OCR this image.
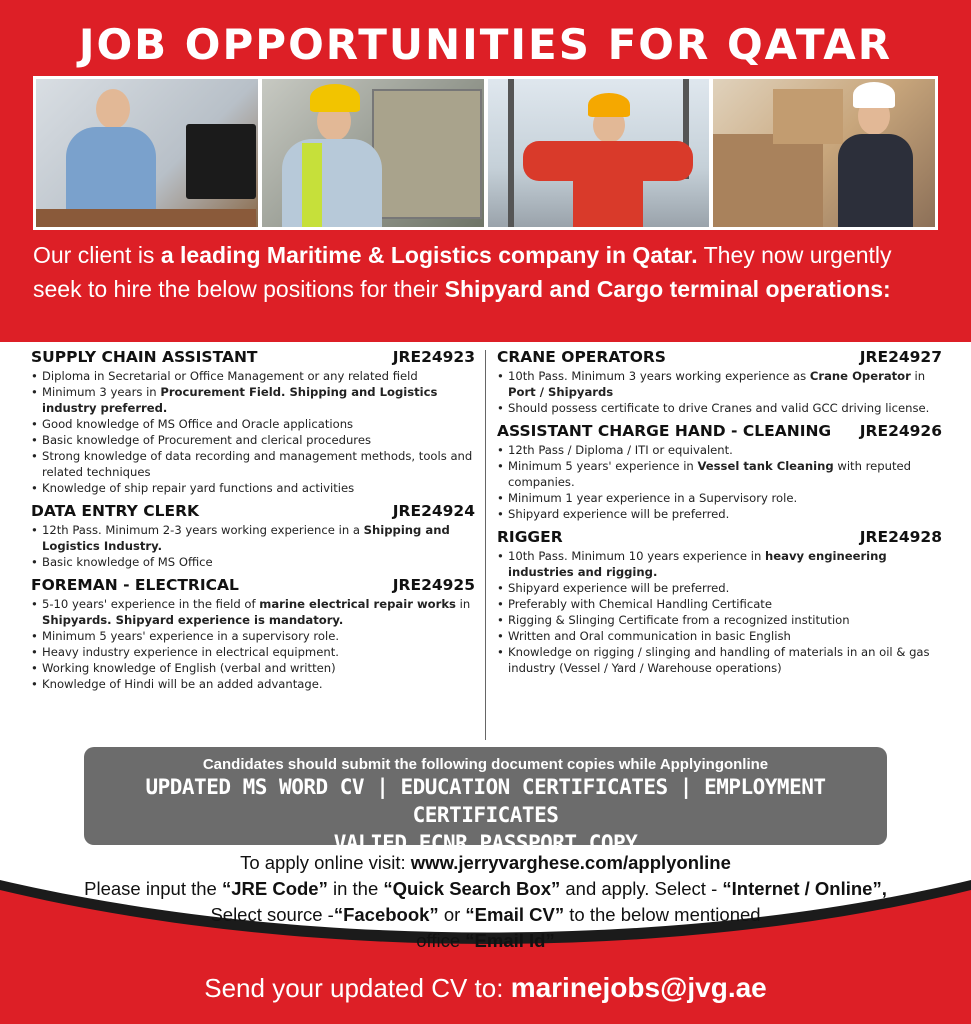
JOB OPPORTUNITIES FOR QATAR
Our client is a leading Maritime & Logistics company in Qatar. They now urgently seek to hire the below positions for their Shipyard and Cargo terminal operations:
SUPPLY CHAIN ASSISTANT	JRE24923
• Diploma in Secretarial or Office Management or any related field
• Minimum 3 years in Procurement Field. Shipping and Logistics industry preferred.
• Good knowledge of MS Office and Oracle applications
• Basic knowledge of Procurement and clerical procedures
• Strong knowledge of data recording and management methods, tools and related techniques
• Knowledge of ship repair yard functions and activities
DATA ENTRY CLERK	JRE24924
• 12th Pass. Minimum 2-3 years working experience in a Shipping and Logistics Industry.
• Basic knowledge of MS Office
FOREMAN - ELECTRICAL	JRE24925
• 5-10 years' experience in the field of marine electrical repair works in Shipyards. Shipyard experience is mandatory.
• Minimum 5 years' experience in a supervisory role.
• Heavy industry experience in electrical equipment.
• Working knowledge of English (verbal and written)
• Knowledge of Hindi will be an added advantage.
CRANE OPERATORS	JRE24927
• 10th Pass. Minimum 3 years working experience as Crane Operator in Port / Shipyards
• Should possess certificate to drive Cranes and valid GCC driving license.
ASSISTANT CHARGE HAND - CLEANING JRE24926
• 12th Pass / Diploma / ITI or equivalent.
• Minimum 5 years' experience in Vessel tank Cleaning with reputed companies.
• Minimum 1 year experience in a Supervisory role.
• Shipyard experience will be preferred.
RIGGER	JRE24928
• 10th Pass. Minimum 10 years experience in heavy engineering industries and rigging.
• Shipyard experience will be preferred.
• Preferably with Chemical Handling Certificate
• Rigging & Slinging Certificate from a recognized institution
• Written and Oral communication in basic English
• Knowledge on rigging / slinging and handling of materials in an oil & gas industry (Vessel / Yard / Warehouse operations)
Candidates should submit the following document copies while Applyingonline
UPDATED MS WORD CV | EDUCATION CERTIFICATES | EMPLOYMENT CERTIFICATES
VALIED ECNR PASSPORT COPY
To apply online visit: www.jerryvarghese.com/applyonline
Please input the “JRE Code” in the “Quick Search Box” and apply. Select - “Internet / Online”,
Select source -“Facebook” or “Email CV” to the below mentioned
office “Email Id”
Send your updated CV to: marinejobs@jvg.ae
